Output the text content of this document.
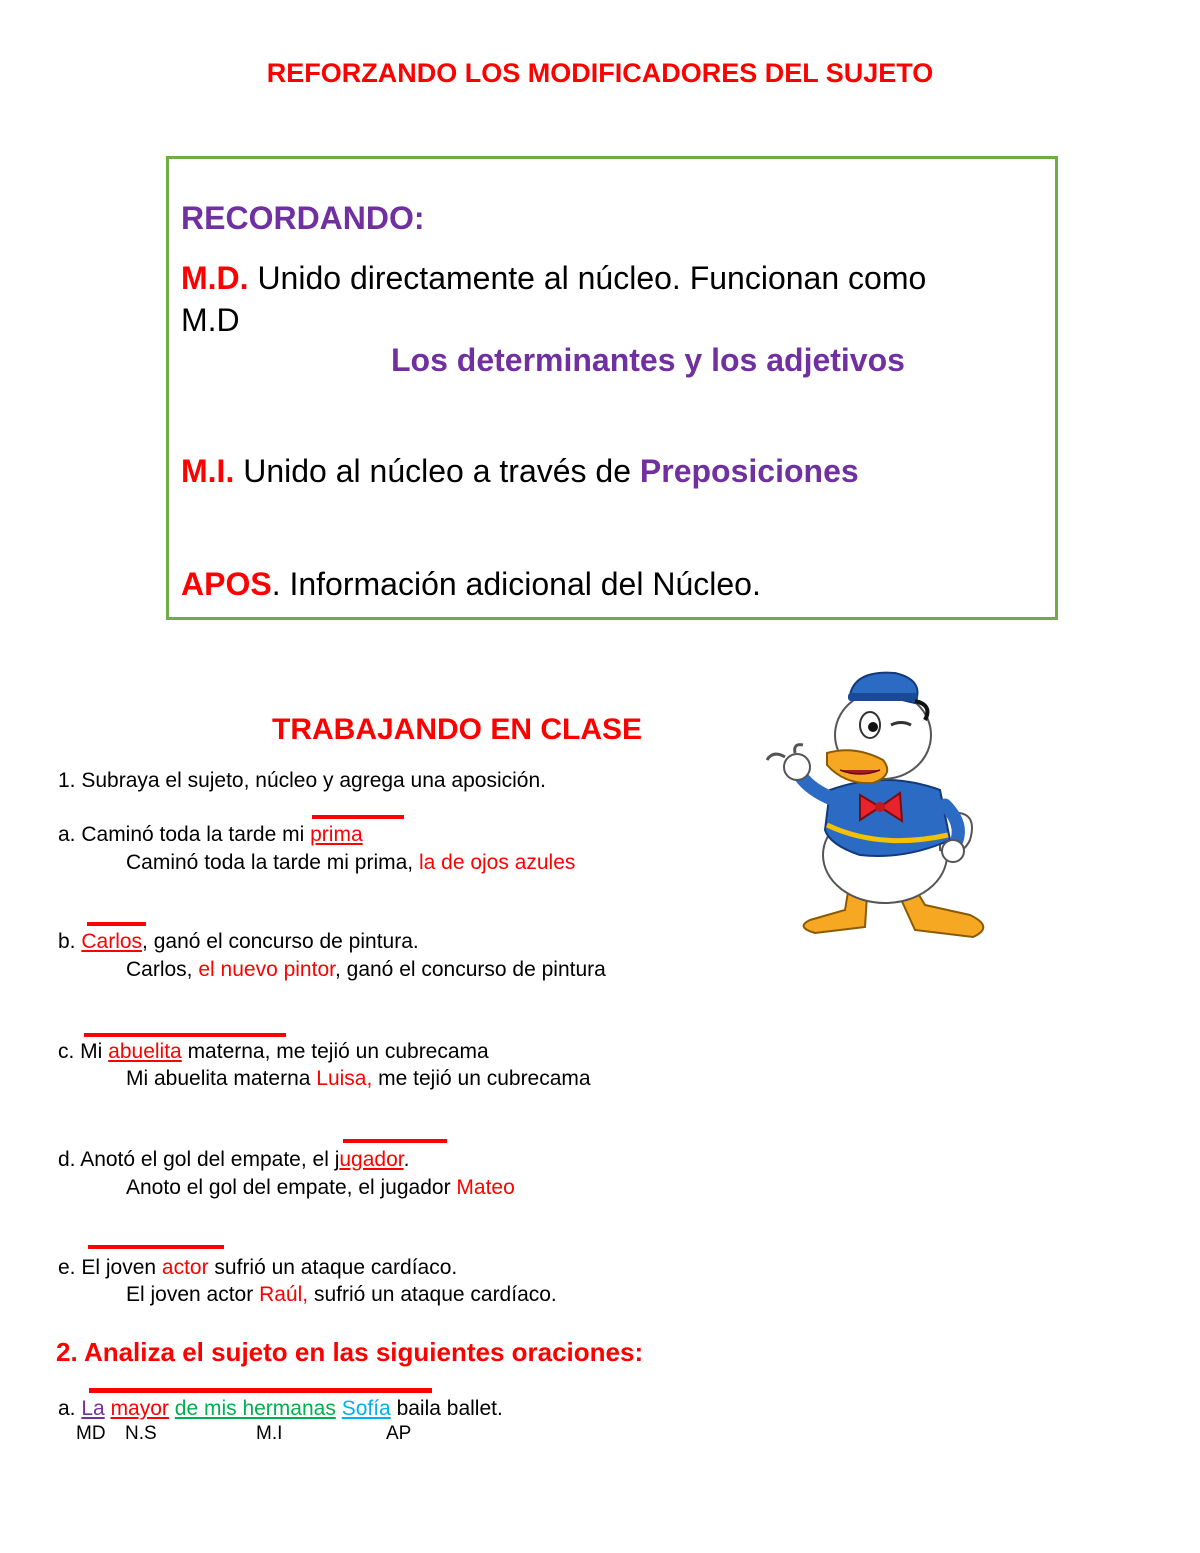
REFORZANDO LOS MODIFICADORES DEL SUJETO
RECORDANDO:
M.D. Unido directamente al núcleo. Funcionan como
M.D
Los determinantes y los adjetivos
M.I. Unido al núcleo a través de Preposiciones
APOS. Información adicional del Núcleo.
TRABAJANDO EN CLASE
1. Subraya el sujeto, núcleo y agrega una aposición.
a. Caminó toda la tarde mi prima
Caminó toda la tarde mi prima, la de ojos azules
b. Carlos, ganó el concurso de pintura.
Carlos, el nuevo pintor, ganó el concurso de pintura
c. Mi abuelita materna, me tejió un cubrecama
Mi abuelita materna Luisa, me tejió un cubrecama
d. Anotó el gol del empate, el jugador.
Anoto el gol del empate, el jugador Mateo
e. El joven actor sufrió un ataque cardíaco.
El joven actor Raúl, sufrió un ataque cardíaco.
2. Analiza el sujeto en las siguientes oraciones:
a. La mayor de mis hermanas Sofía baila ballet.
MD N.S	M.I	AP
